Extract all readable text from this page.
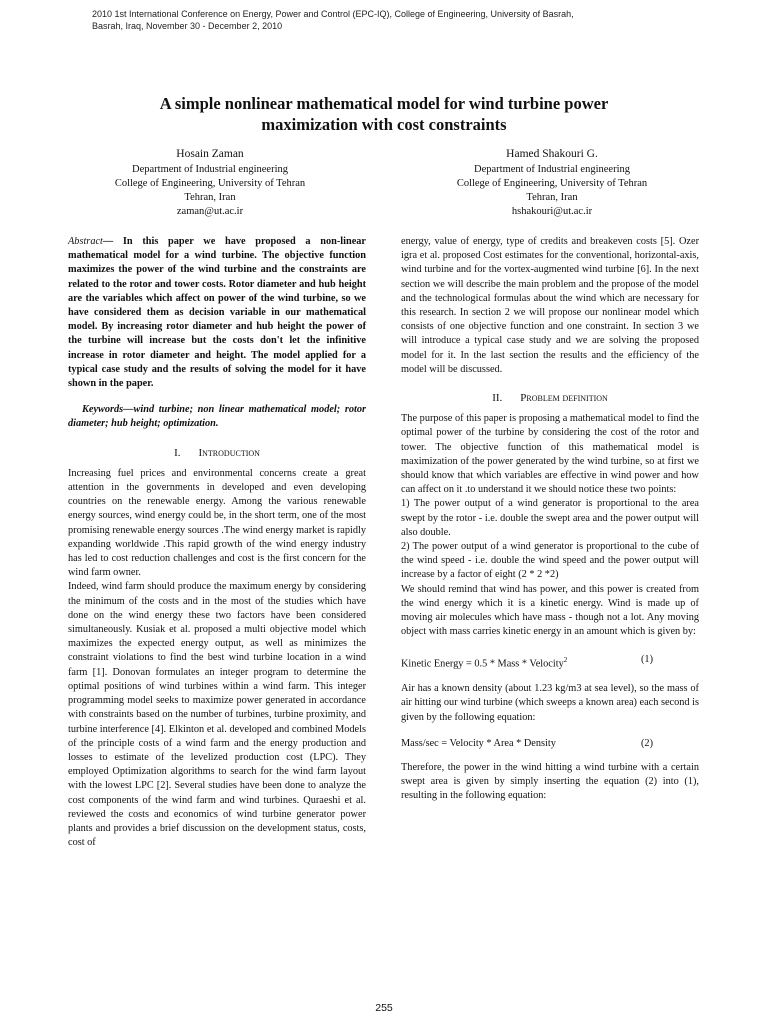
2010 1st International Conference on Energy, Power and Control (EPC-IQ), College of Engineering, University of Basrah,
Basrah, Iraq, November 30 - December 2, 2010
A simple nonlinear mathematical model for wind turbine power
maximization with cost constraints
Hosain Zaman
Department of Industrial engineering
College of Engineering, University of Tehran
Tehran, Iran
zaman@ut.ac.ir
Hamed Shakouri G.
Department of Industrial engineering
College of Engineering, University of Tehran
Tehran, Iran
hshakouri@ut.ac.ir

Abstract— In this paper we have proposed a non-linear mathematical model for a wind turbine. The objective function maximizes the power of the wind turbine and the constraints are related to the rotor and tower costs. Rotor diameter and hub height are the variables which affect on power of the wind turbine, so we have considered them as decision variable in our mathematical model. By increasing rotor diameter and hub height the power of the turbine will increase but the costs don't let the infinitive increase in rotor diameter and height. The model applied for a typical case study and the results of solving the model for it have shown in the paper.

Keywords—wind turbine; non linear mathematical model; rotor diameter; hub height; optimization.

I. Introduction

Increasing fuel prices and environmental concerns create a great attention in the governments in developed and even developing countries on the renewable energy. Among the various renewable energy sources, wind energy could be, in the short term, one of the most promising renewable energy sources .The wind energy market is rapidly expanding worldwide .This rapid growth of the wind energy industry has led to cost reduction challenges and cost is the first concern for the wind farm owner.

Indeed, wind farm should produce the maximum energy by considering the minimum of the costs and in the most of the studies which have done on the wind energy these two factors have been considered simultaneously. Kusiak et al. proposed a multi objective model which maximizes the expected energy output, as well as minimizes the constraint violations to find the best wind turbine location in a wind farm [1]. Donovan formulates an integer program to determine the optimal positions of wind turbines within a wind farm. This integer programming model seeks to maximize power generated in accordance with constraints based on the number of turbines, turbine proximity, and turbine interference [4]. Elkinton et al. developed and combined Models of the principle costs of a wind farm and the energy production and losses to estimate of the levelized production cost (LPC). They employed Optimization algorithms to search for the wind farm layout with the lowest LPC [2]. Several studies have been done to analyze the cost components of the wind farm and wind turbines. Quraeshi et al. reviewed the costs and economics of wind turbine generator power plants and provides a brief discussion on the development status, costs, cost of

energy, value of energy, type of credits and breakeven costs [5]. Ozer igra et al. proposed Cost estimates for the conventional, horizontal-axis, wind turbine and for the vortex-augmented wind turbine [6]. In the next section we will describe the main problem and the propose of the model and the technological formulas about the wind which are necessary for this research. In section 2 we will propose our nonlinear model which consists of one objective function and one constraint. In section 3 we will introduce a typical case study and we are solving the proposed model for it. In the last section the results and the efficiency of the model will be discussed.

II. Problem definition

The purpose of this paper is proposing a mathematical model to find the optimal power of the turbine by considering the cost of the rotor and tower. The objective function of this mathematical model is maximization of the power generated by the wind turbine, so at first we should know that which variables are effective in wind power and how can affect on it .to understand it we should notice these two points:

1) The power output of a wind generator is proportional to the area swept by the rotor - i.e. double the swept area and the power output will also double.

2) The power output of a wind generator is proportional to the cube of the wind speed - i.e. double the wind speed and the power output will increase by a factor of eight (2 * 2 *2)

We should remind that wind has power, and this power is created from the wind energy which it is a kinetic energy. Wind is made up of moving air molecules which have mass - though not a lot. Any moving object with mass carries kinetic energy in an amount which is given by:

Kinetic Energy = 0.5 * Mass * Velocity$^2$	(1)

Air has a known density (about 1.23 kg/m3 at sea level), so the mass of air hitting our wind turbine (which sweeps a known area) each second is given by the following equation:

Mass/sec = Velocity * Area * Density	(2)

Therefore, the power in the wind hitting a wind turbine with a certain swept area is given by simply inserting the equation (2) into (1), resulting in the following equation:

255
